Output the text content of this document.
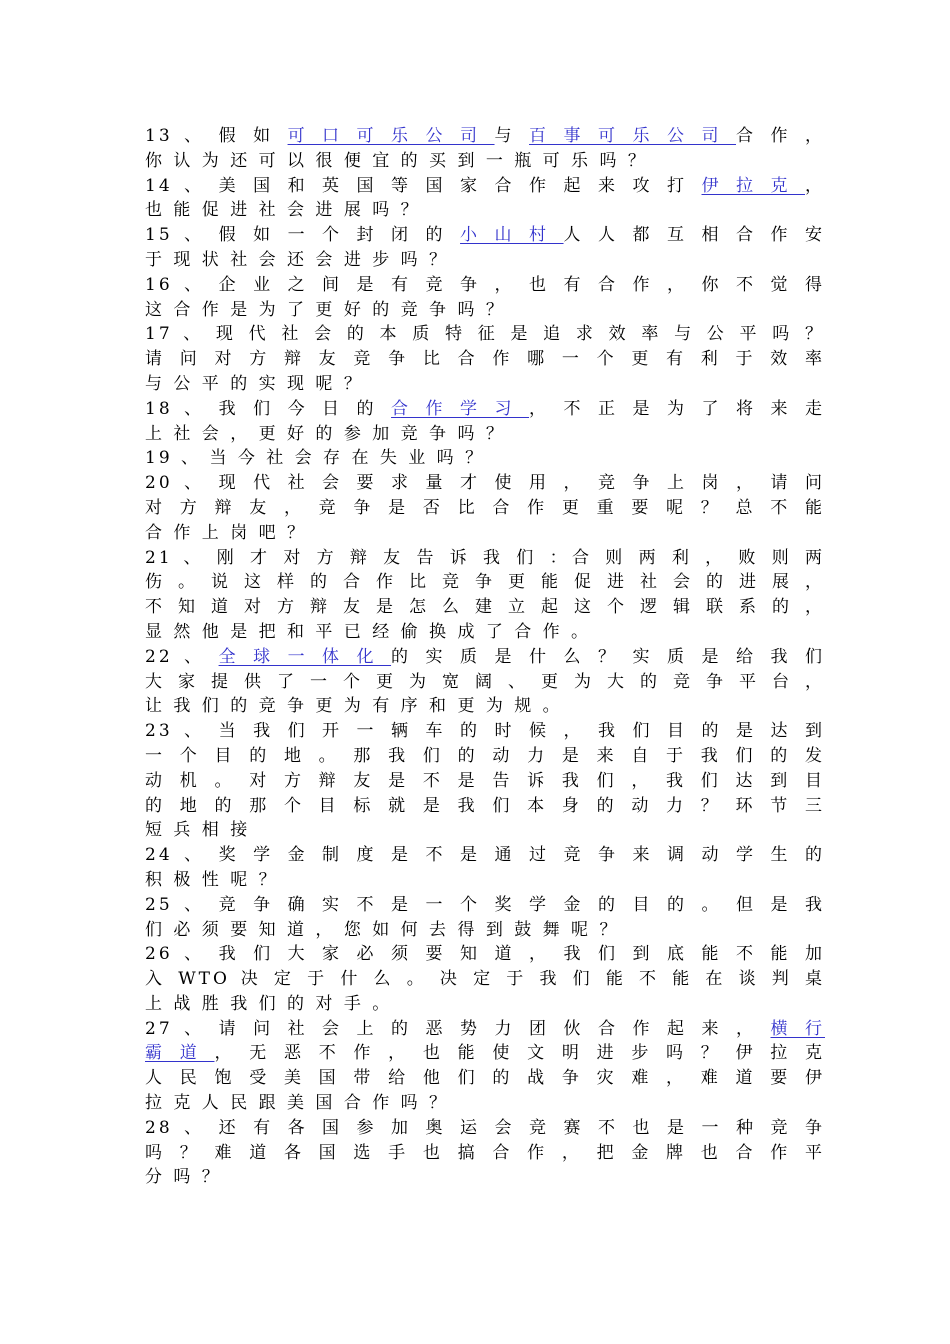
13 、 假 如 可 口 可 乐 公 司 与 百 事 可 乐 公 司 合 作 ，
你 认 为 还 可 以 很 便 宜 的 买 到 一 瓶 可 乐 吗 ？
14 、 美 国 和 英 国 等 国 家 合 作 起 来 攻 打 伊 拉 克 ，
也 能 促 进 社 会 进 展 吗 ？
15 、 假 如 一 个 封 闭 的 小 山 村 人 人 都 互 相 合 作 安
于 现 状 社 会 还 会 进 步 吗 ？
16 、 企 业 之 间 是 有 竞 争 ， 也 有 合 作 ， 你 不 觉 得
这 合 作 是 为 了 更 好 的 竞 争 吗 ？
17 、 现 代 社 会 的 本 质 特 征 是 追 求 效 率 与 公 平 吗 ？
请 问 对 方 辩 友 竞 争 比 合 作 哪 一 个 更 有 利 于 效 率
与 公 平 的 实 现 呢 ？
18 、 我 们 今 日 的 合 作 学 习 ， 不 正 是 为 了 将 来 走
上 社 会 ， 更 好 的 参 加 竞 争 吗 ？
19 、 当 今 社 会 存 在 失 业 吗 ？
20 、 现 代 社 会 要 求 量 才 使 用 ， 竞 争 上 岗 ， 请 问
对 方 辩 友 ， 竞 争 是 否 比 合 作 更 重 要 呢 ？ 总 不 能
合 作 上 岗 吧 ？
21 、 刚 才 对 方 辩 友 告 诉 我 们 ：合 则 两 利 ， 败 则 两
伤 。 说 这 样 的 合 作 比 竞 争 更 能 促 进 社 会 的 进 展 ，
不 知 道 对 方 辩 友 是 怎 么 建 立 起 这 个 逻 辑 联 系 的 ，
显 然 他 是 把 和 平 已 经 偷 换 成 了 合 作 。
22 、 全 球 一 体 化 的 实 质 是 什 么 ？ 实 质 是 给 我 们
大 家 提 供 了 一 个 更 为 宽 阔 、 更 为 大 的 竞 争 平 台 ，
让 我 们 的 竞 争 更 为 有 序 和 更 为 规 。
23 、 当 我 们 开 一 辆 车 的 时 候 ， 我 们 目 的 是 达 到
一 个 目 的 地 。 那 我 们 的 动 力 是 来 自 于 我 们 的 发
动 机 。 对 方 辩 友 是 不 是 告 诉 我 们 ， 我 们 达 到 目
的 地 的 那 个 目 标 就 是 我 们 本 身 的 动 力 ？ 环 节 三
短 兵 相 接
24 、 奖 学 金 制 度 是 不 是 通 过 竞 争 来 调 动 学 生 的
积 极 性 呢 ？
25 、 竞 争 确 实 不 是 一 个 奖 学 金 的 目 的 。 但 是 我
们 必 须 要 知 道 ， 您 如 何 去 得 到 鼓 舞 呢 ？
26 、 我 们 大 家 必 须 要 知 道 ， 我 们 到 底 能 不 能 加
入 WTO 决 定 于 什 么 。 决 定 于 我 们 能 不 能 在 谈 判 桌
上 战 胜 我 们 的 对 手 。
27 、 请 问 社 会 上 的 恶 势 力 团 伙 合 作 起 来 ， 横 行
霸 道 ， 无 恶 不 作 ， 也 能 使 文 明 进 步 吗 ？ 伊 拉 克
人 民 饱 受 美 国 带 给 他 们 的 战 争 灾 难 ， 难 道 要 伊
拉 克 人 民 跟 美 国 合 作 吗 ？
28 、 还 有 各 国 参 加 奥 运 会 竞 赛 不 也 是 一 种 竞 争
吗 ？ 难 道 各 国 选 手 也 搞 合 作 ， 把 金 牌 也 合 作 平
分 吗 ？
